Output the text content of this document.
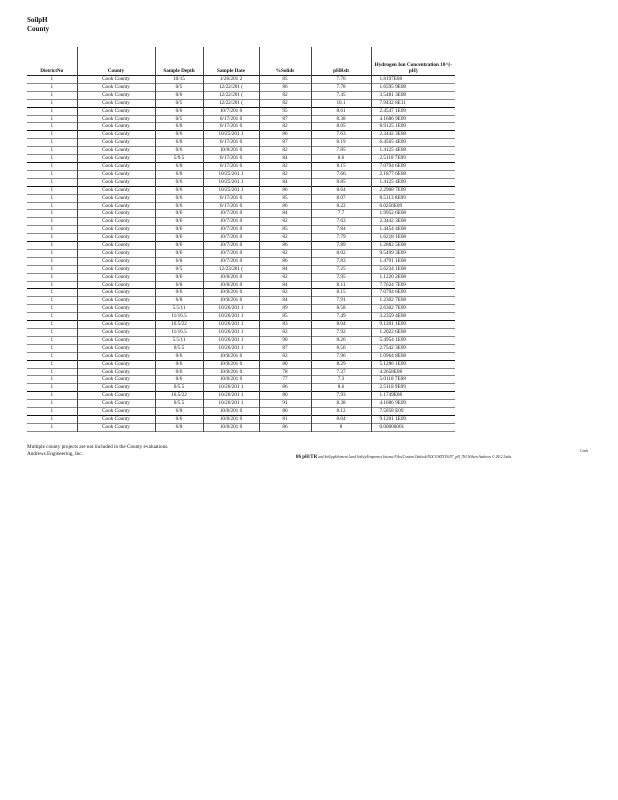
SoilpH
County
DistrictNo	County	Sample Depth	Sample Date	%Solids	pHRslt	Hydrogen Ion Concentration 10^(-pH)
1	Cook County	10/15	1/26/201 2	85	7.76	1.8197E08
1	Cook County	0/5	12/22/201 (	86	7.78	1.6595 9E08
1	Cook County	0/6	12/22/201 (	82	7.45	3.5481 3E08
1	Cook County	0/5	12/22/201 (	82	10.1	7.9432 8E11
1	Cook County	0/6	10/7/201 0	95	8.61	2.4547 1E09
1	Cook County	0/5	6/17/201 0	87	8.38	4.1686 9E09
1	Cook County	6/8	6/17/201 0	82	8.05	8.9125 1E09
1	Cook County	0/6	10/25/201 1	86	7.63	2.3442 3E08
1	Cook County	6/8	6/17/201 0	87	8.19	6.4565 4E09
1	Cook County	0/6	10/8/201 0	82	7.85	1.4125 4E08
1	Cook County	5/9.5	6/17/201 0	84	8.6	2.5118 7E09
1	Cook County	6/8	6/17/201 0	82	8.15	7.0794 6E09
1	Cook County	6/8	10/25/201 1	82	7.66	2.1877 6E08
1	Cook County	0/6	10/25/201 1	84	8.85	1.4125 4E09
1	Cook County	0/6	10/25/201 1	86	8.64	2.2908 7E09
1	Cook County	0/6	6/17/201 0	85	8.07	8.5113 8E09
1	Cook County	0/6	6/17/201 0	86	8.22	6.0256E09
1	Cook County	0/6	10/7/201 0	84	7.7	1.9952 6E08
1	Cook County	0/6	10/7/201 0	82	7.63	2.3442 3E08
1	Cook County	0/6	10/7/201 0	85	7.84	1.4454 4E08
1	Cook County	0/6	10/7/201 0	82	7.79	1.6218 1E08
1	Cook County	0/6	10/7/201 0	86	7.89	1.2882 5E08
1	Cook County	0/6	10/7/201 0	82	8.02	9.5499 3E09
1	Cook County	6/8	10/7/201 0	86	7.83	1.4791 1E08
1	Cook County	0/5	12/23/201 (	84	7.25	5.6234 1E08
1	Cook County	0/6	10/8/201 0	82	7.95	1.1220 2E08
1	Cook County	6/8	10/8/201 0	84	8.11	7.7624 7E09
1	Cook County	0/6	10/8/201 0	82	8.15	7.0794 6E09
1	Cook County	6/8	10/8/201 0	84	7.91	1.2302 7E08
1	Cook County	5.5/11	10/26/201 1	89	8.58	2.6302 7E09
1	Cook County	11/16.5	10/26/201 1	85	7.49	3.2359 4E08
1	Cook County	16.5/22	10/26/201 1	83	8.04	9.1201 1E09
1	Cook County	11/16.5	10/26/201 1	82	7.92	1.2022 6E08
1	Cook County	5.5/11	10/26/201 1	90	8.26	5.4954 1E09
1	Cook County	0/5.5	10/26/201 1	87	8.56	2.7542 3E09
1	Cook County	0/6	10/8/201 0	82	7.96	1.0964 8E08
1	Cook County	0/6	10/8/201 0	80	8.29	5.1286 1E09
1	Cook County	0/6	10/8/201 0	78	7.37	4.2658E08
1	Cook County	0/6	10/8/201 0	77	7.3	5.0118 7E08
1	Cook County	0/5.5	10/26/201 1	86	8.6	2.5118 9E09
1	Cook County	16.5/22	10/26/201 1	80	7.93	1.1749E08
1	Cook County	0/5.5	10/26/201 1	91	8.38	4.1686 9E09
1	Cook County	6/8	10/8/201 0	80	8.12	7.5858 E09
1	Cook County	0/6	10/8/201 0	81	8.04	9.1201 1E09
1	Cook County	6/8	10/8/201 0	86	8	0.00000001
Multiple county projects are not included in the County evaluations.
Andrews Engineering, Inc.	Cook
86 pH/TR and Soil/p​gSelvment Land Soils/p​Temporary Intense Files/Content.Outlook/NOCGWZVI/GN7_pH_7b5 Wilson Andrews © 2012 Links
